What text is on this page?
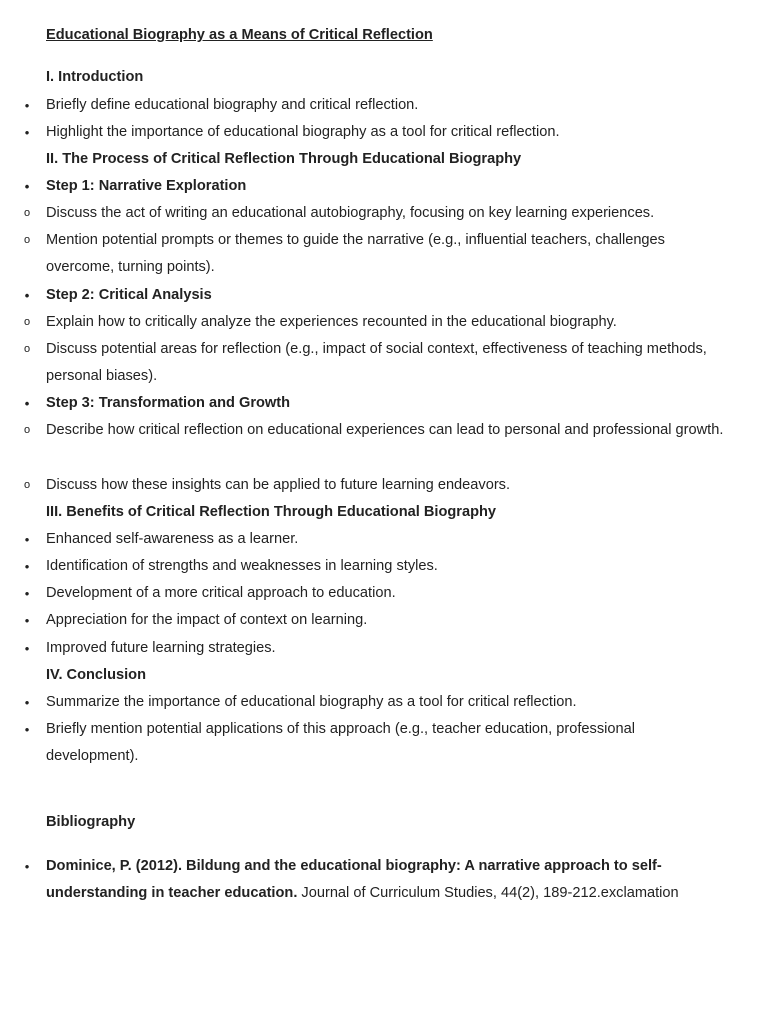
Educational Biography as a Means of Critical Reflection
I. Introduction
• Briefly define educational biography and critical reflection.
• Highlight the importance of educational biography as a tool for critical reflection.
II. The Process of Critical Reflection Through Educational Biography
• Step 1: Narrative Exploration
o Discuss the act of writing an educational autobiography, focusing on key learning experiences.
o Mention potential prompts or themes to guide the narrative (e.g., influential teachers, challenges overcome, turning points).
• Step 2: Critical Analysis
o Explain how to critically analyze the experiences recounted in the educational biography.
o Discuss potential areas for reflection (e.g., impact of social context, effectiveness of teaching methods, personal biases).
• Step 3: Transformation and Growth
o Describe how critical reflection on educational experiences can lead to personal and professional growth.
o Discuss how these insights can be applied to future learning endeavors.
III. Benefits of Critical Reflection Through Educational Biography
• Enhanced self-awareness as a learner.
• Identification of strengths and weaknesses in learning styles.
• Development of a more critical approach to education.
• Appreciation for the impact of context on learning.
• Improved future learning strategies.
IV. Conclusion
• Summarize the importance of educational biography as a tool for critical reflection.
• Briefly mention potential applications of this approach (e.g., teacher education, professional development).
Bibliography
• Dominice, P. (2012). Bildung and the educational biography: A narrative approach to self-understanding in teacher education. Journal of Curriculum Studies, 44(2), 189-212.exclamation
